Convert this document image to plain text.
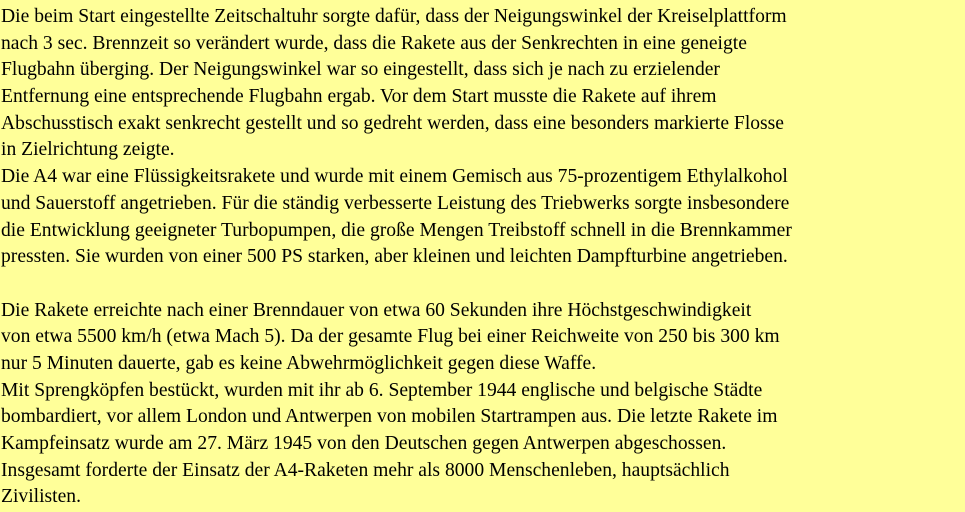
Die beim Start eingestellte Zeitschaltuhr sorgte dafür, dass der Neigungswinkel der Kreiselplattform
nach 3 sec. Brennzeit so verändert wurde, dass die Rakete aus der Senkrechten in eine geneigte
Flugbahn überging. Der Neigungswinkel war so eingestellt, dass sich je nach zu erzielender
Entfernung eine entsprechende Flugbahn ergab. Vor dem Start musste die Rakete auf ihrem
Abschusstisch exakt senkrecht gestellt und so gedreht werden, dass eine besonders markierte Flosse
in Zielrichtung zeigte.
Die A4 war eine Flüssigkeitsrakete und wurde mit einem Gemisch aus 75-prozentigem Ethylalkohol
und Sauerstoff angetrieben. Für die ständig verbesserte Leistung des Triebwerks sorgte insbesondere
die Entwicklung geeigneter Turbopumpen, die große Mengen Treibstoff schnell in die Brennkammer
pressten. Sie wurden von einer 500 PS starken, aber kleinen und leichten Dampfturbine angetrieben.
Die Rakete erreichte nach einer Brenndauer von etwa 60 Sekunden ihre Höchstgeschwindigkeit
von etwa 5500 km/h (etwa Mach 5). Da der gesamte Flug bei einer Reichweite von 250 bis 300 km
nur 5 Minuten dauerte, gab es keine Abwehrmöglichkeit gegen diese Waffe.
Mit Sprengköpfen bestückt, wurden mit ihr ab 6. September 1944 englische und belgische Städte
bombardiert, vor allem London und Antwerpen von mobilen Startrampen aus. Die letzte Rakete im
Kampfeinsatz wurde am 27. März 1945 von den Deutschen gegen Antwerpen abgeschossen.
Insgesamt forderte der Einsatz der A4-Raketen mehr als 8000 Menschenleben, hauptsächlich
Zivilisten.
